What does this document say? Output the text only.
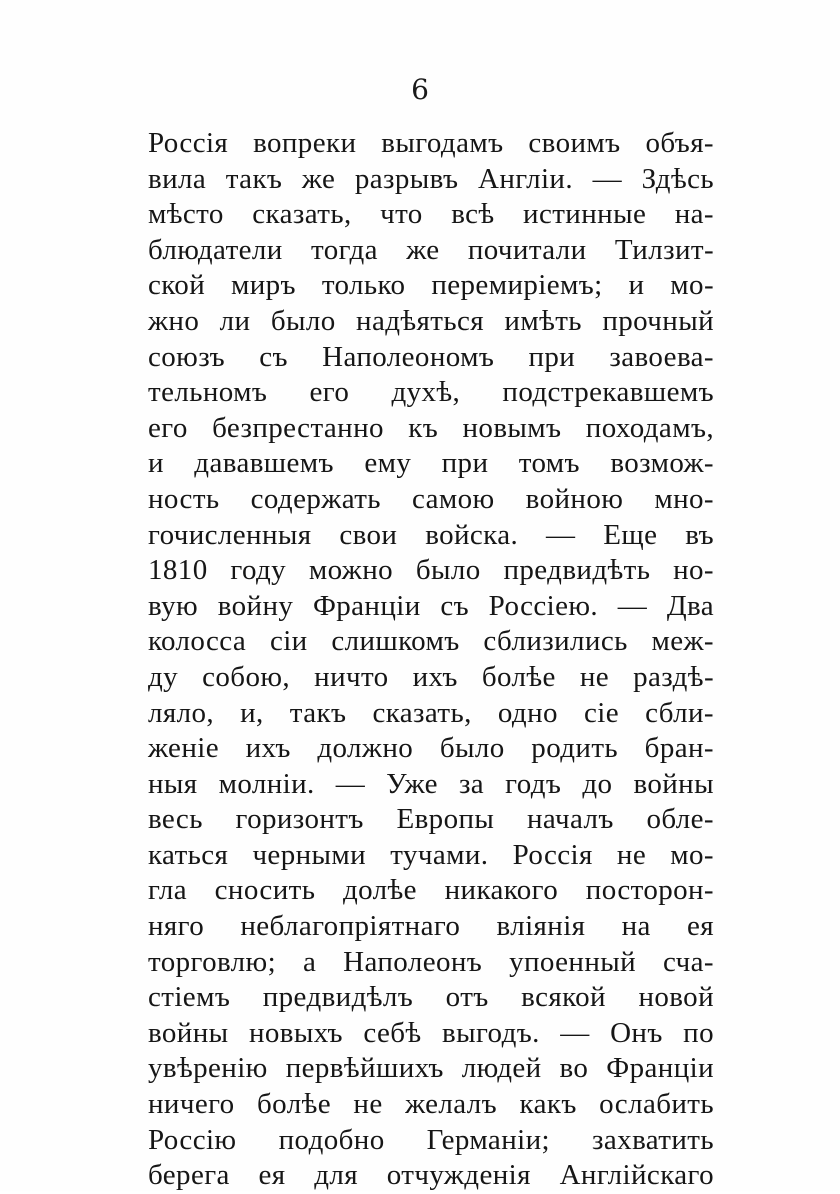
6
Россія вопреки выгодамъ своимъ объя-
вила такъ же разрывъ Англіи. — Здѣсь
мѣсто сказать, что всѣ истинные на-
блюдатели тогда же почитали Тилзит-
ской миръ только перемиріемъ; и мо-
жно ли было надѣяться имѣть прочный
союзъ съ Наполеономъ при завоева-
тельномъ его духѣ, подстрекавшемъ
его безпрестанно къ новымъ походамъ,
и дававшемъ ему при томъ возмож-
ность содержать самою войною мно-
гочисленныя свои войска. — Еще въ
1810 году можно было предвидѣть но-
вую войну Франціи съ Россіею. — Два
колосса сіи слишкомъ сблизились меж-
ду собою, ничто ихъ болѣе не раздѣ-
ляло, и, такъ сказать, одно сіе сбли-
женіе ихъ должно было родить бран-
ныя молніи. — Уже за годъ до войны
весь горизонтъ Европы началъ обле-
каться черными тучами. Россія не мо-
гла сносить долѣе никакого посторон-
няго неблагопріятнаго вліянія на ея
торговлю; а Наполеонъ упоенный сча-
стіемъ предвидѣлъ отъ всякой новой
войны новыхъ себѣ выгодъ. — Онъ по
увѣренію первѣйшихъ людей во Франціи
ничего болѣе не желалъ какъ ослабить
Россію подобно Германіи; захватить
берега ея для отчужденія Англійскаго
